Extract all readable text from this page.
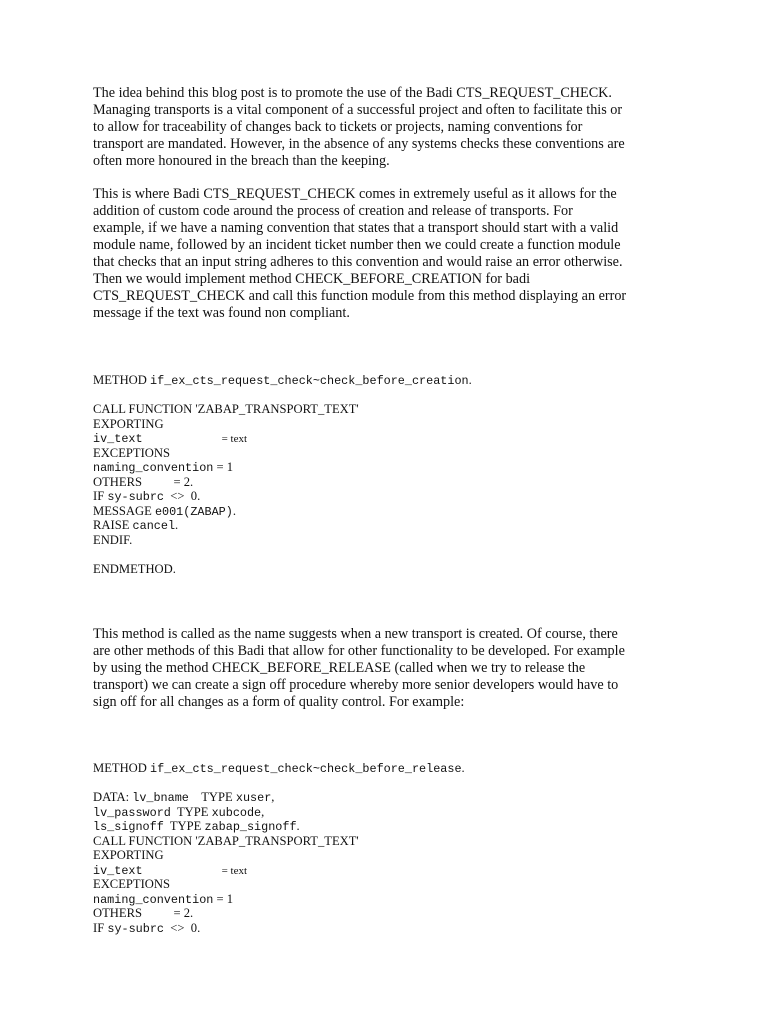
The idea behind this blog post is to promote the use of the Badi CTS_REQUEST_CHECK.
Managing transports is a vital component of a successful project and often to facilitate this or
to allow for traceability of changes back to tickets or projects, naming conventions for
transport are mandated. However, in the absence of any systems checks these conventions are
often more honoured in the breach than the keeping.

This is where Badi CTS_REQUEST_CHECK comes in extremely useful as it allows for the
addition of custom code around the process of creation and release of transports. For
example, if we have a naming convention that states that a transport should start with a valid
module name, followed by an incident ticket number then we could create a function module
that checks that an input string adheres to this convention and would raise an error otherwise.
Then we would implement method CHECK_BEFORE_CREATION for badi
CTS_REQUEST_CHECK and call this function module from this method displaying an error
message if the text was found non compliant.

METHOD if_ex_cts_request_check~check_before_creation.
CALL FUNCTION 'ZABAP_TRANSPORT_TEXT'
EXPORTING
iv_text	= text
EXCEPTIONS
naming_convention = 1
OTHERS          = 2.
IF sy-subrc  <>  0.
MESSAGE e001(ZABAP).
RAISE cancel.
ENDIF.
ENDMETHOD.

This method is called as the name suggests when a new transport is created. Of course, there
are other methods of this Badi that allow for other functionality to be developed. For example
by using the method CHECK_BEFORE_RELEASE (called when we try to release the
transport) we can create a sign off procedure whereby more senior developers would have to
sign off for all changes as a form of quality control. For example:

METHOD if_ex_cts_request_check~check_before_release.
DATA: lv_bname    TYPE xuser,
lv_password  TYPE xubcode,
ls_signoff  TYPE zabap_signoff.
CALL FUNCTION 'ZABAP_TRANSPORT_TEXT'
EXPORTING
iv_text	= text
EXCEPTIONS
naming_convention = 1
OTHERS          = 2.
IF sy-subrc  <>  0.
